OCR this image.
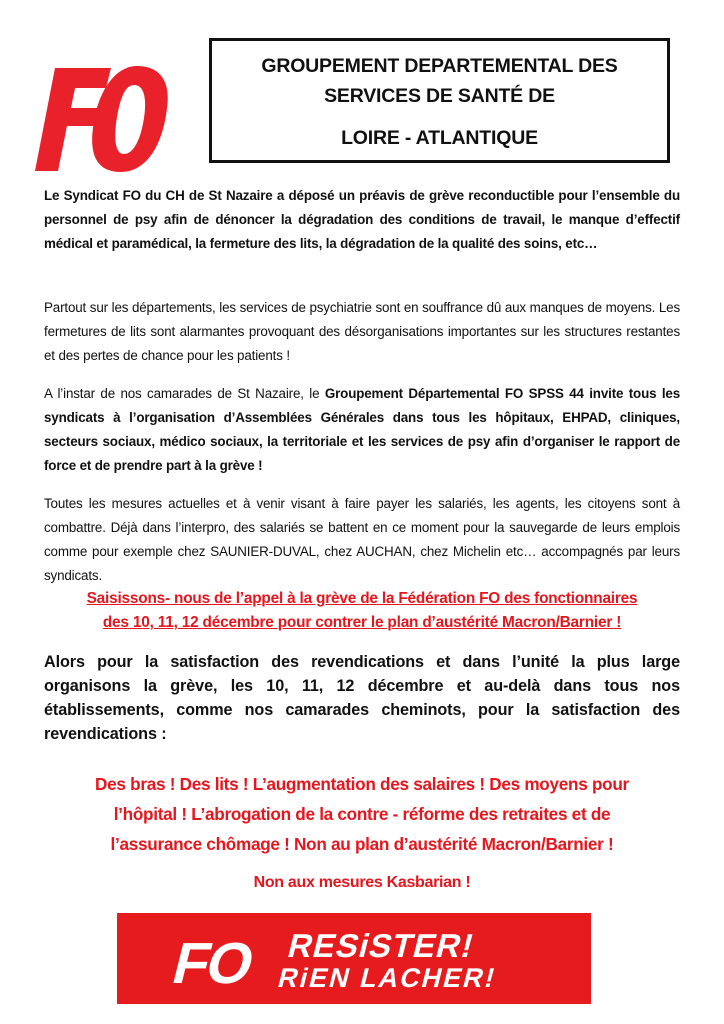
GROUPEMENT DEPARTEMENTAL DES
SERVICES DE SANTÉ DE
LOIRE - ATLANTIQUE

Le Syndicat FO du CH de St Nazaire a déposé un préavis de grève reconductible pour l’ensemble du personnel de psy afin de dénoncer la dégradation des conditions de travail, le manque d’effectif médical et paramédical, la fermeture des lits, la dégradation de la qualité des soins, etc…

Partout sur les départements, les services de psychiatrie sont en souffrance dû aux manques de moyens. Les fermetures de lits sont alarmantes provoquant des désorganisations importantes sur les structures restantes et des pertes de chance pour les patients !

A l’instar de nos camarades de St Nazaire, le Groupement Départemental FO SPSS 44 invite tous les syndicats à l’organisation d’Assemblées Générales dans tous les hôpitaux, EHPAD, cliniques, secteurs sociaux, médico sociaux, la territoriale et les services de psy afin d’organiser le rapport de force et de prendre part à la grève !

Toutes les mesures actuelles et à venir visant à faire payer les salariés, les agents, les citoyens sont à combattre. Déjà dans l’interpro, des salariés se battent en ce moment pour la sauvegarde de leurs emplois comme pour exemple chez SAUNIER-DUVAL, chez AUCHAN, chez Michelin etc… accompagnés par leurs syndicats.

Saisissons- nous de l’appel à la grève de la Fédération FO des fonctionnaires
des 10, 11, 12 décembre pour contrer le plan d’austérité Macron/Barnier !
Alors pour la satisfaction des revendications et dans l’unité la plus large organisons la grève, les 10, 11, 12 décembre et au-delà dans tous nos établissements, comme nos camarades cheminots, pour la satisfaction des revendications :
Des bras ! Des lits ! L’augmentation des salaires ! Des moyens pour
l’hôpital ! L’abrogation de la contre - réforme des retraites et de
l’assurance chômage ! Non au plan d’austérité Macron/Barnier !
Non aux mesures Kasbarian !
FO RESiSTER!
RiEN LACHER!
